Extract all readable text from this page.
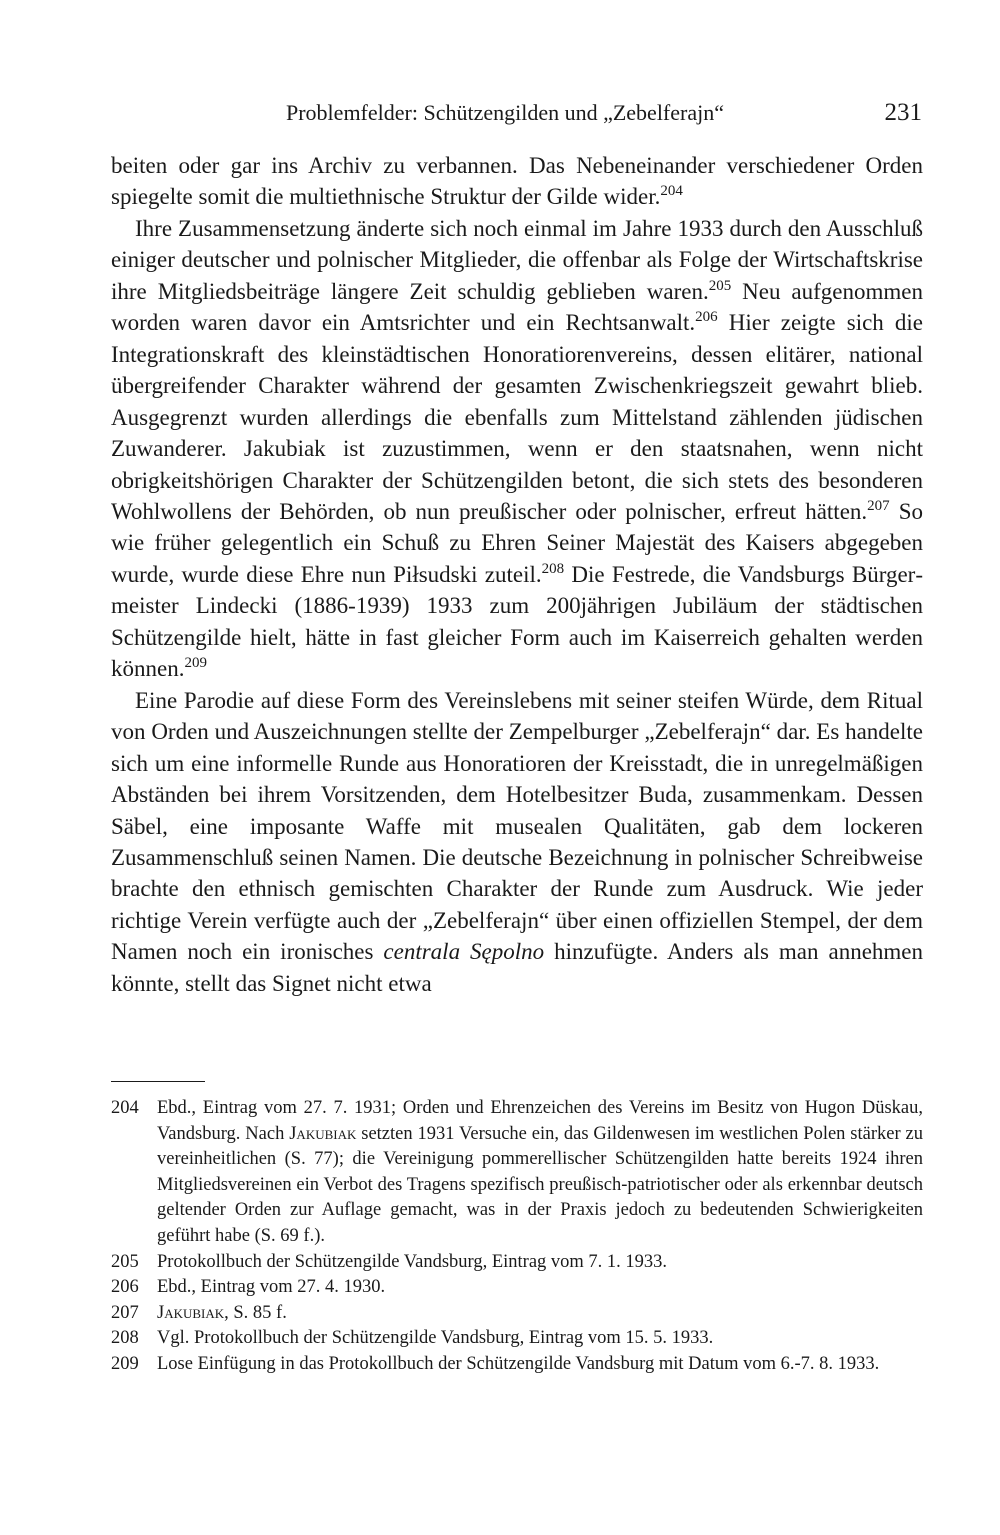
Problemfelder: Schützengilden und „Zebelferajn“	231

beiten oder gar ins Archiv zu verbannen. Das Nebeneinander verschiedener Orden spiegelte somit die multiethnische Struktur der Gilde wider.$^{204}$

Ihre Zusammensetzung änderte sich noch einmal im Jahre 1933 durch den Ausschluß einiger deutscher und polnischer Mitglieder, die offenbar als Folge der Wirtschaftskrise ihre Mitgliedsbeiträge längere Zeit schuldig geblieben waren.$^{205}$ Neu aufgenommen worden waren davor ein Amtsrichter und ein Rechtsanwalt.$^{206}$ Hier zeigte sich die Integrationskraft des kleinstädtischen Honoratiorenvereins, dessen elitärer, national übergreifender Charakter während der gesamten Zwischenkriegszeit gewahrt blieb. Ausgegrenzt wurden allerdings die ebenfalls zum Mittelstand zählenden jüdischen Zuwanderer. Jakubiak ist zuzustimmen, wenn er den staatsnahen, wenn nicht obrigkeitshörigen Charakter der Schützengilden betont, die sich stets des besonderen Wohlwollens der Behörden, ob nun preußischer oder polnischer, erfreut hätten.$^{207}$ So wie früher gelegentlich ein Schuß zu Ehren Seiner Majestät des Kaisers abgegeben wurde, wurde diese Ehre nun Piłsudski zuteil.$^{208}$ Die Festrede, die Vandsburgs Bürgermeister Lindecki (1886-1939) 1933 zum 200jährigen Jubiläum der städtischen Schützengilde hielt, hätte in fast gleicher Form auch im Kaiserreich gehalten werden können.$^{209}$

Eine Parodie auf diese Form des Vereinslebens mit seiner steifen Würde, dem Ritual von Orden und Auszeichnungen stellte der Zempelburger „Zebelferajn“ dar. Es handelte sich um eine informelle Runde aus Honoratioren der Kreisstadt, die in unregelmäßigen Abständen bei ihrem Vorsitzenden, dem Hotelbesitzer Buda, zusammenkam. Dessen Säbel, eine imposante Waffe mit musealen Qualitäten, gab dem lockeren Zusammenschluß seinen Namen. Die deutsche Bezeichnung in polnischer Schreibweise brachte den ethnisch gemischten Charakter der Runde zum Ausdruck. Wie jeder richtige Verein verfügte auch der „Zebelferajn“ über einen offiziellen Stempel, der dem Namen noch ein ironisches centrala Sępolno hinzufügte. Anders als man annehmen könnte, stellt das Signet nicht etwa

204 Ebd., Eintrag vom 27. 7. 1931; Orden und Ehrenzeichen des Vereins im Besitz von Hugon Düskau, Vandsburg. Nach Jakubiak setzten 1931 Versuche ein, das Gildenwesen im westlichen Polen stärker zu vereinheitlichen (S. 77); die Vereinigung pommerellischer Schützengilden hatte bereits 1924 ihren Mitgliedsvereinen ein Verbot des Tragens spezifisch preußisch-patriotischer oder als erkennbar deutsch geltender Orden zur Auflage gemacht, was in der Praxis jedoch zu bedeutenden Schwierigkeiten geführt habe (S. 69 f.).
205 Protokollbuch der Schützengilde Vandsburg, Eintrag vom 7. 1. 1933.
206 Ebd., Eintrag vom 27. 4. 1930.
207 Jakubiak, S. 85 f.
208 Vgl. Protokollbuch der Schützengilde Vandsburg, Eintrag vom 15. 5. 1933.
209 Lose Einfügung in das Protokollbuch der Schützengilde Vandsburg mit Datum vom 6.-7. 8. 1933.
